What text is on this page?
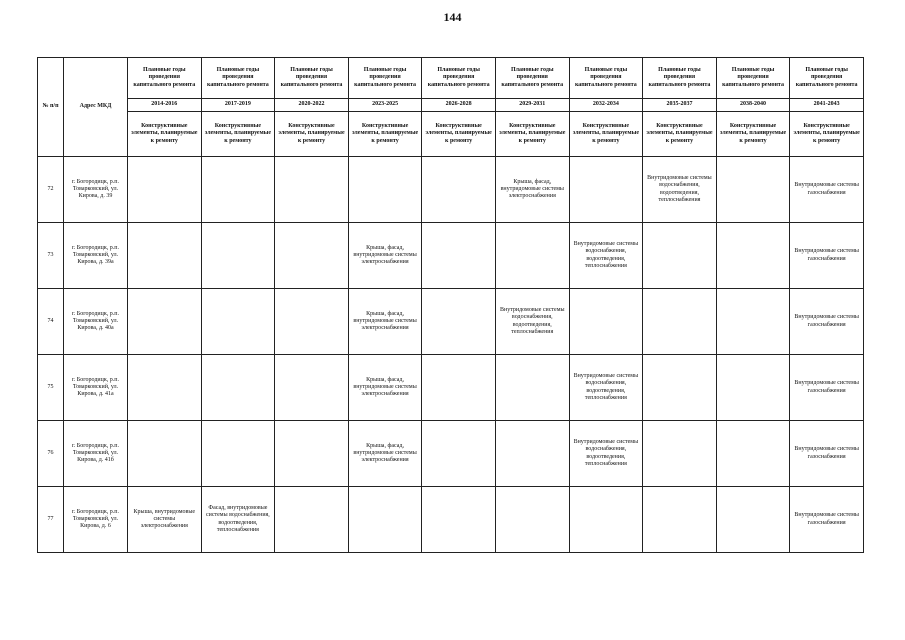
144
№ п/п	Адрес МКД	Плановые годы проведения капитального ремонта	Плановые годы проведения капитального ремонта	Плановые годы проведения капитального ремонта	Плановые годы проведения капитального ремонта	Плановые годы проведения капитального ремонта	Плановые годы проведения капитального ремонта	Плановые годы проведения капитального ремонта	Плановые годы проведения капитального ремонта	Плановые годы проведения капитального ремонта	Плановые годы проведения капитального ремонта
		2014-2016	2017-2019	2020-2022	2023-2025	2026-2028	2029-2031	2032-2034	2035-2037	2038-2040	2041-2043
		Конструктивные элементы, планируемые к ремонту	Конструктивные элементы, планируемые к ремонту	Конструктивные элементы, планируемые к ремонту	Конструктивные элементы, планируемые к ремонту	Конструктивные элементы, планируемые к ремонту	Конструктивные элементы, планируемые к ремонту	Конструктивные элементы, планируемые к ремонту	Конструктивные элементы, планируемые к ремонту	Конструктивные элементы, планируемые к ремонту	Конструктивные элементы, планируемые к ремонту
72	г. Богородицк, р.п. Товарковский, ул. Кирова, д. 39						Крыша, фасад, внутридомовые системы электроснабжения		Внутридомовые системы водоснабжения, водоотведения, теплоснабжения		Внутридомовые системы газоснабжения
73	г. Богородицк, р.п. Товарковский, ул. Кирова, д. 39а				Крыша, фасад, внутридомовые системы электроснабжения			Внутридомовые системы водоснабжения, водоотведения, теплоснабжения			Внутридомовые системы газоснабжения
74	г. Богородицк, р.п. Товарковский, ул. Кирова, д. 40а				Крыша, фасад, внутридомовые системы электроснабжения		Внутридомовые системы водоснабжения, водоотведения, теплоснабжения				Внутридомовые системы газоснабжения
75	г. Богородицк, р.п. Товарковский, ул. Кирова, д. 41а				Крыша, фасад, внутридомовые системы электроснабжения			Внутридомовые системы водоснабжения, водоотведения, теплоснабжения			Внутридомовые системы газоснабжения
76	г. Богородицк, р.п. Товарковский, ул. Кирова, д. 41б				Крыша, фасад, внутридомовые системы электроснабжения			Внутридомовые системы водоснабжения, водоотведения, теплоснабжения			Внутридомовые системы газоснабжения
77	г. Богородицк, р.п. Товарковский, ул. Кирова, д. 6	Крыша, внутридомовые системы электроснабжения	Фасад, внутридомовые системы водоснабжения, водоотведения, теплоснабжения								Внутридомовые системы газоснабжения
